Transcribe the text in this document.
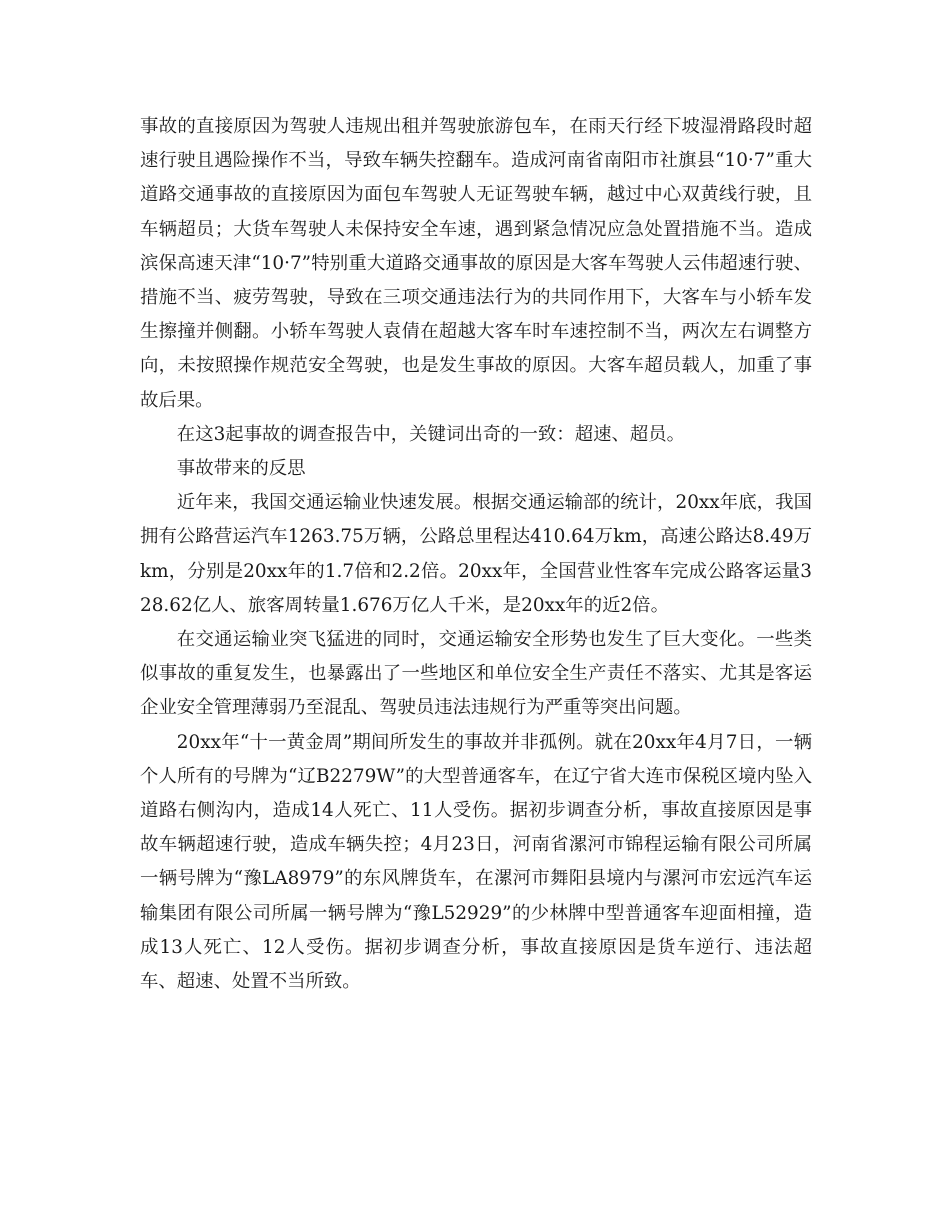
事故的直接原因为驾驶人违规出租并驾驶旅游包车，在雨天行经下坡湿滑路段时超速行驶且遇险操作不当，导致车辆失控翻车。造成河南省南阳市社旗县“10·7”重大道路交通事故的直接原因为面包车驾驶人无证驾驶车辆，越过中心双黄线行驶，且车辆超员；大货车驾驶人未保持安全车速，遇到紧急情况应急处置措施不当。造成滨保高速天津“10·7”特别重大道路交通事故的原因是大客车驾驶人云伟超速行驶、措施不当、疲劳驾驶，导致在三项交通违法行为的共同作用下，大客车与小轿车发生擦撞并侧翻。小轿车驾驶人袁倩在超越大客车时车速控制不当，两次左右调整方向，未按照操作规范安全驾驶，也是发生事故的原因。大客车超员载人，加重了事故后果。

在这3起事故的调查报告中，关键词出奇的一致：超速、超员。

事故带来的反思

近年来，我国交通运输业快速发展。根据交通运输部的统计，20xx年底，我国拥有公路营运汽车1263.75万辆，公路总里程达410.64万km，高速公路达8.49万km，分别是20xx年的1.7倍和2.2倍。20xx年，全国营业性客车完成公路客运量328.62亿人、旅客周转量1.676万亿人千米，是20xx年的近2倍。

在交通运输业突飞猛进的同时，交通运输安全形势也发生了巨大变化。一些类似事故的重复发生，也暴露出了一些地区和单位安全生产责任不落实、尤其是客运企业安全管理薄弱乃至混乱、驾驶员违法违规行为严重等突出问题。

20xx年“十一黄金周”期间所发生的事故并非孤例。就在20xx年4月7日，一辆个人所有的号牌为“辽B2279W”的大型普通客车，在辽宁省大连市保税区境内坠入道路右侧沟内，造成14人死亡、11人受伤。据初步调查分析，事故直接原因是事故车辆超速行驶，造成车辆失控；4月23日，河南省漯河市锦程运输有限公司所属一辆号牌为“豫LA8979”的东风牌货车，在漯河市舞阳县境内与漯河市宏远汽车运输集团有限公司所属一辆号牌为“豫L52929”的少林牌中型普通客车迎面相撞，造成13人死亡、12人受伤。据初步调查分析，事故直接原因是货车逆行、违法超车、超速、处置不当所致。
